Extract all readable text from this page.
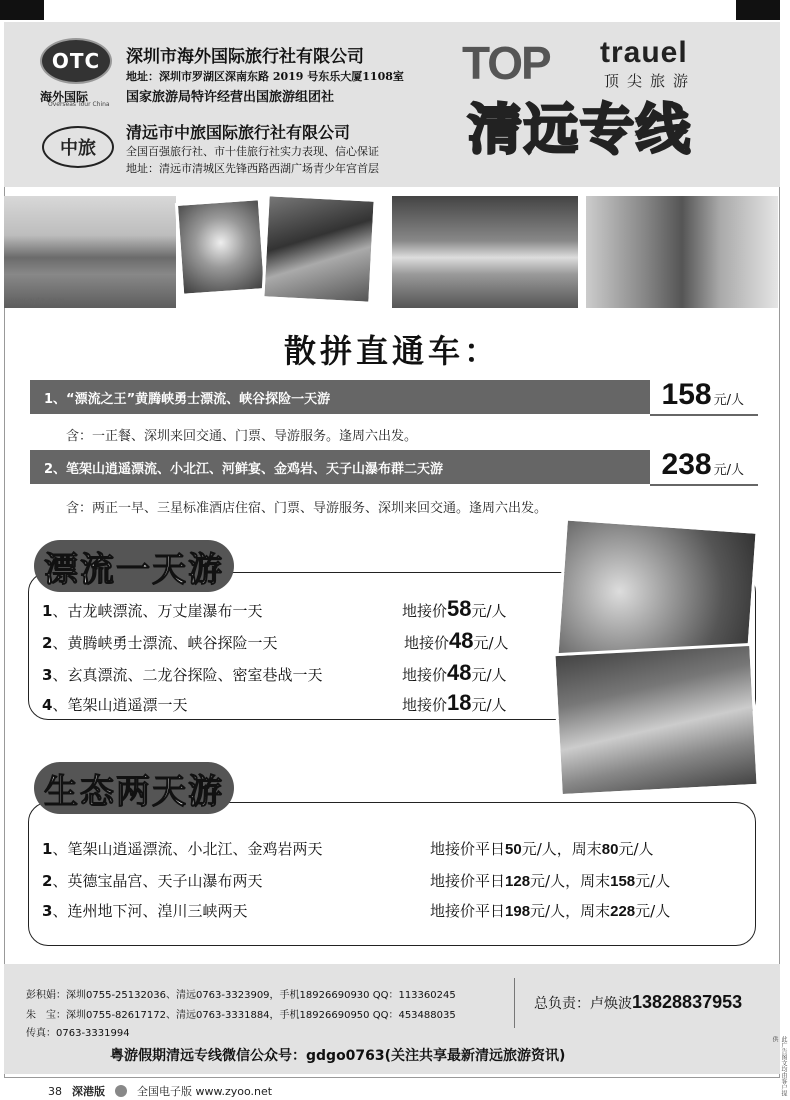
OTC
海外国际
Overseas Tour China
中旅
深圳市海外国际旅行社有限公司
地址：深圳市罗湖区深南东路 2019 号东乐大厦1108室
国家旅游局特许经营出国旅游组团社
清远市中旅国际旅行社有限公司
全国百强旅行社、市十佳旅行社实力表现、信心保证
地址：清远市清城区先锋西路西湖广场青少年宫首层
TOP trauel
顶尖旅游
清远专线
www.qyta.com
散拼直通车：
1、“漂流之王”黄腾峡勇士漂流、峡谷探险一天游	158 元/人
含：一正餐、深圳来回交通、门票、导游服务。逢周六出发。
2、笔架山逍遥漂流、小北江、河鲜宴、金鸡岩、天子山瀑布群二天游	238 元/人
含：两正一早、三星标准酒店住宿、门票、导游服务、深圳来回交通。逢周六出发。
漂流一天游
1、古龙峡漂流、万丈崖瀑布一天	地接价58元/人
2、黄腾峡勇士漂流、峡谷探险一天	地接价48元/人
3、玄真漂流、二龙谷探险、密室巷战一天	地接价48元/人
4、笔架山逍遥漂一天	地接价18元/人
生态两天游
1、笔架山逍遥漂流、小北江、金鸡岩两天	地接价平日50元/人，周末80元/人
2、英德宝晶宫、天子山瀑布两天	地接价平日128元/人，周末158元/人
3、连州地下河、湟川三峡两天	地接价平日198元/人，周末228元/人
彭积娟：深圳0755-25132036、清远0763-3323909，手机18926690930 QQ：113360245
朱　宝：深圳0755-82617172、清远0763-3331884，手机18926690950 QQ：453488035
传真：0763-3331994
总负责：卢焕波13828837953
粤游假期清远专线微信公众号：gdgo0763(关注共享最新清远旅游资讯)	此广告图文均由客户提供
38 深港版	全国电子版 www.zyoo.net
